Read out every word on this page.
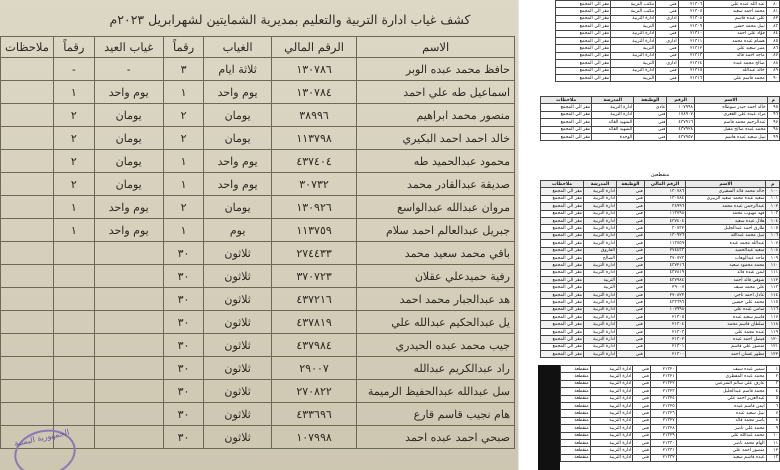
كشف غياب ادارة التربية والتعليم بمديرية الشمايتين لشهرابريل ٢٠٢٣م
الاسم	الرقم المالي	الغياب	رقماً	غياب العيد	رقماً	ملاحظات
حافظ محمد عبده الوبر	١٣٠٧٨٦	ثلاثة ايام	٣	-	-	
اسماعيل طه علي احمد	١٣٠٧٨٤	يوم واحد	١	يوم واحد	١	
منصور محمد ابراهيم	٣٨٩٩٦	يومان	٢	يومان	٢	
خالد احمد احمد البكيري	١١٣٧٩٨	يومان	٢	يومان	٢	
محمود عبدالحميد طه	٤٣٧٤٠٤	يوم واحد	١	يومان	٢	
صديقة عبدالقادر محمد	٣٠٧٣٢	يوم واحد	١	يومان	٢	
مروان عبدالله عبدالواسع	١٣٠٩٢٦	يومان	٢	يوم واحد	١	
جبريل عبدالعالم احمد سلام	١١٣٧٥٩	يوم	١	يوم واحد	١	
باقي محمد سعيد محمد	٢٧٤٤٣٣	ثلاثون	٣٠			
رفية حميدعلي عقلان	٣٧٠٧٢٣	ثلاثون	٣٠			
هد عبدالجبار محمد احمد	٤٣٧٢١٦	ثلاثون	٣٠			
يل عبدالحكيم عبدالله علي	٤٣٧٨١٩	ثلاثون	٣٠			
جيب محمد عبده الحيدري	٤٣٧٩٨٤	ثلاثون	٣٠			
راد عبدالكريم عبدالله	٢٩٠٠٧	ثلاثون	٣٠			
سل عبدالله عبدالحفيظ الرميمة	٢٧٠٨٢٢	ثلاثون	٣٠			
هام نجيب قاسم قارع	٤٣٣٦٩٦	ثلاثون	٣٠			
صبحي احمد عبده احمد	١٠٧٩٩٨	ثلاثون	٣٠			
الجمهورية اليمنية
٨٠	عبد الله عبده علي	٢١٣٠٦	فني	مكتب التربية	مقر الي المجمع
٨١	محمد احمد سعيد	٢١٣٠٧	فني	مكتب التربية	مقر الي المجمع
٨٢	علي عبده قاسم	٢١٣٠٨	اداري	ادارة التربية	مقر الي المجمع
٨٣	نبيل محمد حسن	٢١٣٠٩	فني	التربية	مقر الي المجمع
٨٤	فؤاد علي احمد	٢١٣١٠	فني	ادارة التربية	مقر الي المجمع
٨٥	هشام عبده محمد	٢١٣١١	اداري	ادارة التربية	مقر الي المجمع
٨٦	منير سعيد علي	٢١٣١٢	فني	التربية	مقر الي المجمع
٨٧	ماجد احمد قائد	٢١٣١٣	فني	ادارة التربية	مقر الي المجمع
٨٨	صالح محمد عبده	٢١٣١٤	اداري	التربية	مقر الي المجمع
٨٩	خالد عبدالله	٢١٣١٥	فني	ادارة التربية	مقر الي المجمع
٩٠	محمد قاسم علي	٢١٣١٦	فني	التربية	مقر الي المجمع
م	الاسم	الرقم	الوظيفة	المدرسة	ملاحظات
٩٥	خالد احمد حيدر سوطاه	١٠٧٩٩٨	عادي	ادارة التربية	مقر الي المجمع
٩٦	مراد عبده علي القعري	١٧٨٩٠٧	فني	ادارة التربية	مقر الي المجمع
٩٧	عبدالرحيم محمد قاسم	٤٣٧٩١٦	فني	الشهيد القائد	مقر الي المجمع
٩٨	محمد عبده صالح مقبل	٤٣٧٩٢٨	فني	الشهيد القائد	مقر الي المجمع
٩٩	نبيل سعيد عبده هاشم	٤٣٧٩٥٧	فني	الوحدة	مقر الي المجمع
منقطعين
م	الاسم	الرقم المالي	الوظيفة	المدرسة	ملاحظات
١٠٠	خالد محمد قائد السقيري	١٣٠٧٨٦	فني	ادارة التربية	مقر الي المجمع
١٠١	سعيد عبده محمد سعيد الزبيري	١٣٠٧٨٤	فني	ادارة التربية	مقر الي المجمع
١٠٢	عبدالرحمن عبده محمد	٣٨٩٩٦	فني	ادارة التربية	مقر الي المجمع
١٠٣	فهد مهيوب محمد	١١٣٧٩٨	فني	ادارة التربية	مقر الي المجمع
١٠٤	هلال عبده سعيد	٤٣٧٤٠٤	فني	ادارة التربية	مقر الي المجمع
١٠٥	طارق احمد عبدالجليل	٣٠٧٣٢	فني	ادارة التربية	مقر الي المجمع
١٠٦	نبيل محمد عبدالله	١٣٠٩٢٦	فني	ادارة التربية	مقر الي المجمع
١٠٧	عبدالله محمد عبده	١١٣٧٥٩	فني	ادارة التربية	مقر الي المجمع
١٠٨	سعيد عبدالحميد	٢٧٤٤٣٣	فني	الفاروق	مقر الي المجمع
١٠٩	ماجد عبدالوهاب	٣٧٠٧٢٣	فني	الصالح	مقر الي المجمع
١١٠	محمد محمود سعيد	٤٣٧٢١٦	فني	ادارة التربية	مقر الي المجمع
١١١	ايمن عبده قائد	٤٣٧٨١٩	فني	ادارة التربية	مقر الي المجمع
١١٢	شوقي قائد احمد	٤٣٧٩٨٤	فني	التربية	مقر الي المجمع
١١٣	علي محمد سيف	٢٩٠٠٧	فني	التربية	مقر الي المجمع
١١٤	عادل احمد ناجي	٢٧٠٨٢٢	فني	ادارة التربية	مقر الي المجمع
١١٥	محمد علي حسين	٤٣٣٦٩٦	فني	ادارة التربية	مقر الي المجمع
١١٦	سامي عبده علي	١٠٧٩٩٨	فني	ادارة التربية	مقر الي المجمع
١١٧	قاسم سعيد عبده	٢١٣٠٥	فني	ادارة التربية	مقر الي المجمع
١١٨	سلطان قاسم محمد	٢١٣٠٤	فني	ادارة التربية	مقر الي المجمع
١١٩	عبده محمد علي	٢١٣٠٣	فني	ادارة التربية	مقر الي المجمع
١٢٠	فيصل احمد عبده	٢١٣٠٢	فني	ادارة التربية	مقر الي المجمع
١٢١	منصور علي قاسم	٢١٣٠١	فني	ادارة التربية	مقر الي المجمع
١٢٢	مطهر غسان احمد	٢١٣٠٠	فني	ادارة التربية	مقر الي المجمع
١	سمير عبده سيف	٢١٣٢٠	فني	ادارة التربية	منقطعة
٢	محمد عبده المقطري	٢١٣٢١	فني	ادارة التربية	منقطعة
٣	عارف علي سالم الشرعبي	٢١٣٢٢	فني	ادارة التربية	منقطعة
٤	محمد قاسم عبدالجليل	٢١٣٢٣	فني	ادارة التربية	منقطعة
٥	عبدالعزيز احمد علي	٢١٣٢٤	فني	ادارة التربية	منقطعة
٦	ايمن قاسم عبده	٢١٣٢٥	فني	ادارة التربية	منقطعة
٧	نبيل سعيد عبده	٢١٣٢٦	فني	ادارة التربية	منقطعة
٨	ياسر محمد قائد	٢١٣٢٧	فني	ادارة التربية	منقطعة
٩	محمد علي ناصر	٢١٣٢٨	فني	ادارة التربية	منقطعة
١٠	محمد عبدالله علي	٢١٣٢٩	فني	ادارة التربية	منقطعة
١١	الهام محمد ناصر	٢١٣٣٠	فني	ادارة التربية	منقطعة
١٢	منصور احمد علي	٢١٣٣١	فني	ادارة التربية	منقطعة
١٣	عبده قاسم سعيد	٢١٣٣٢	فني	ادارة التربية	منقطعة
